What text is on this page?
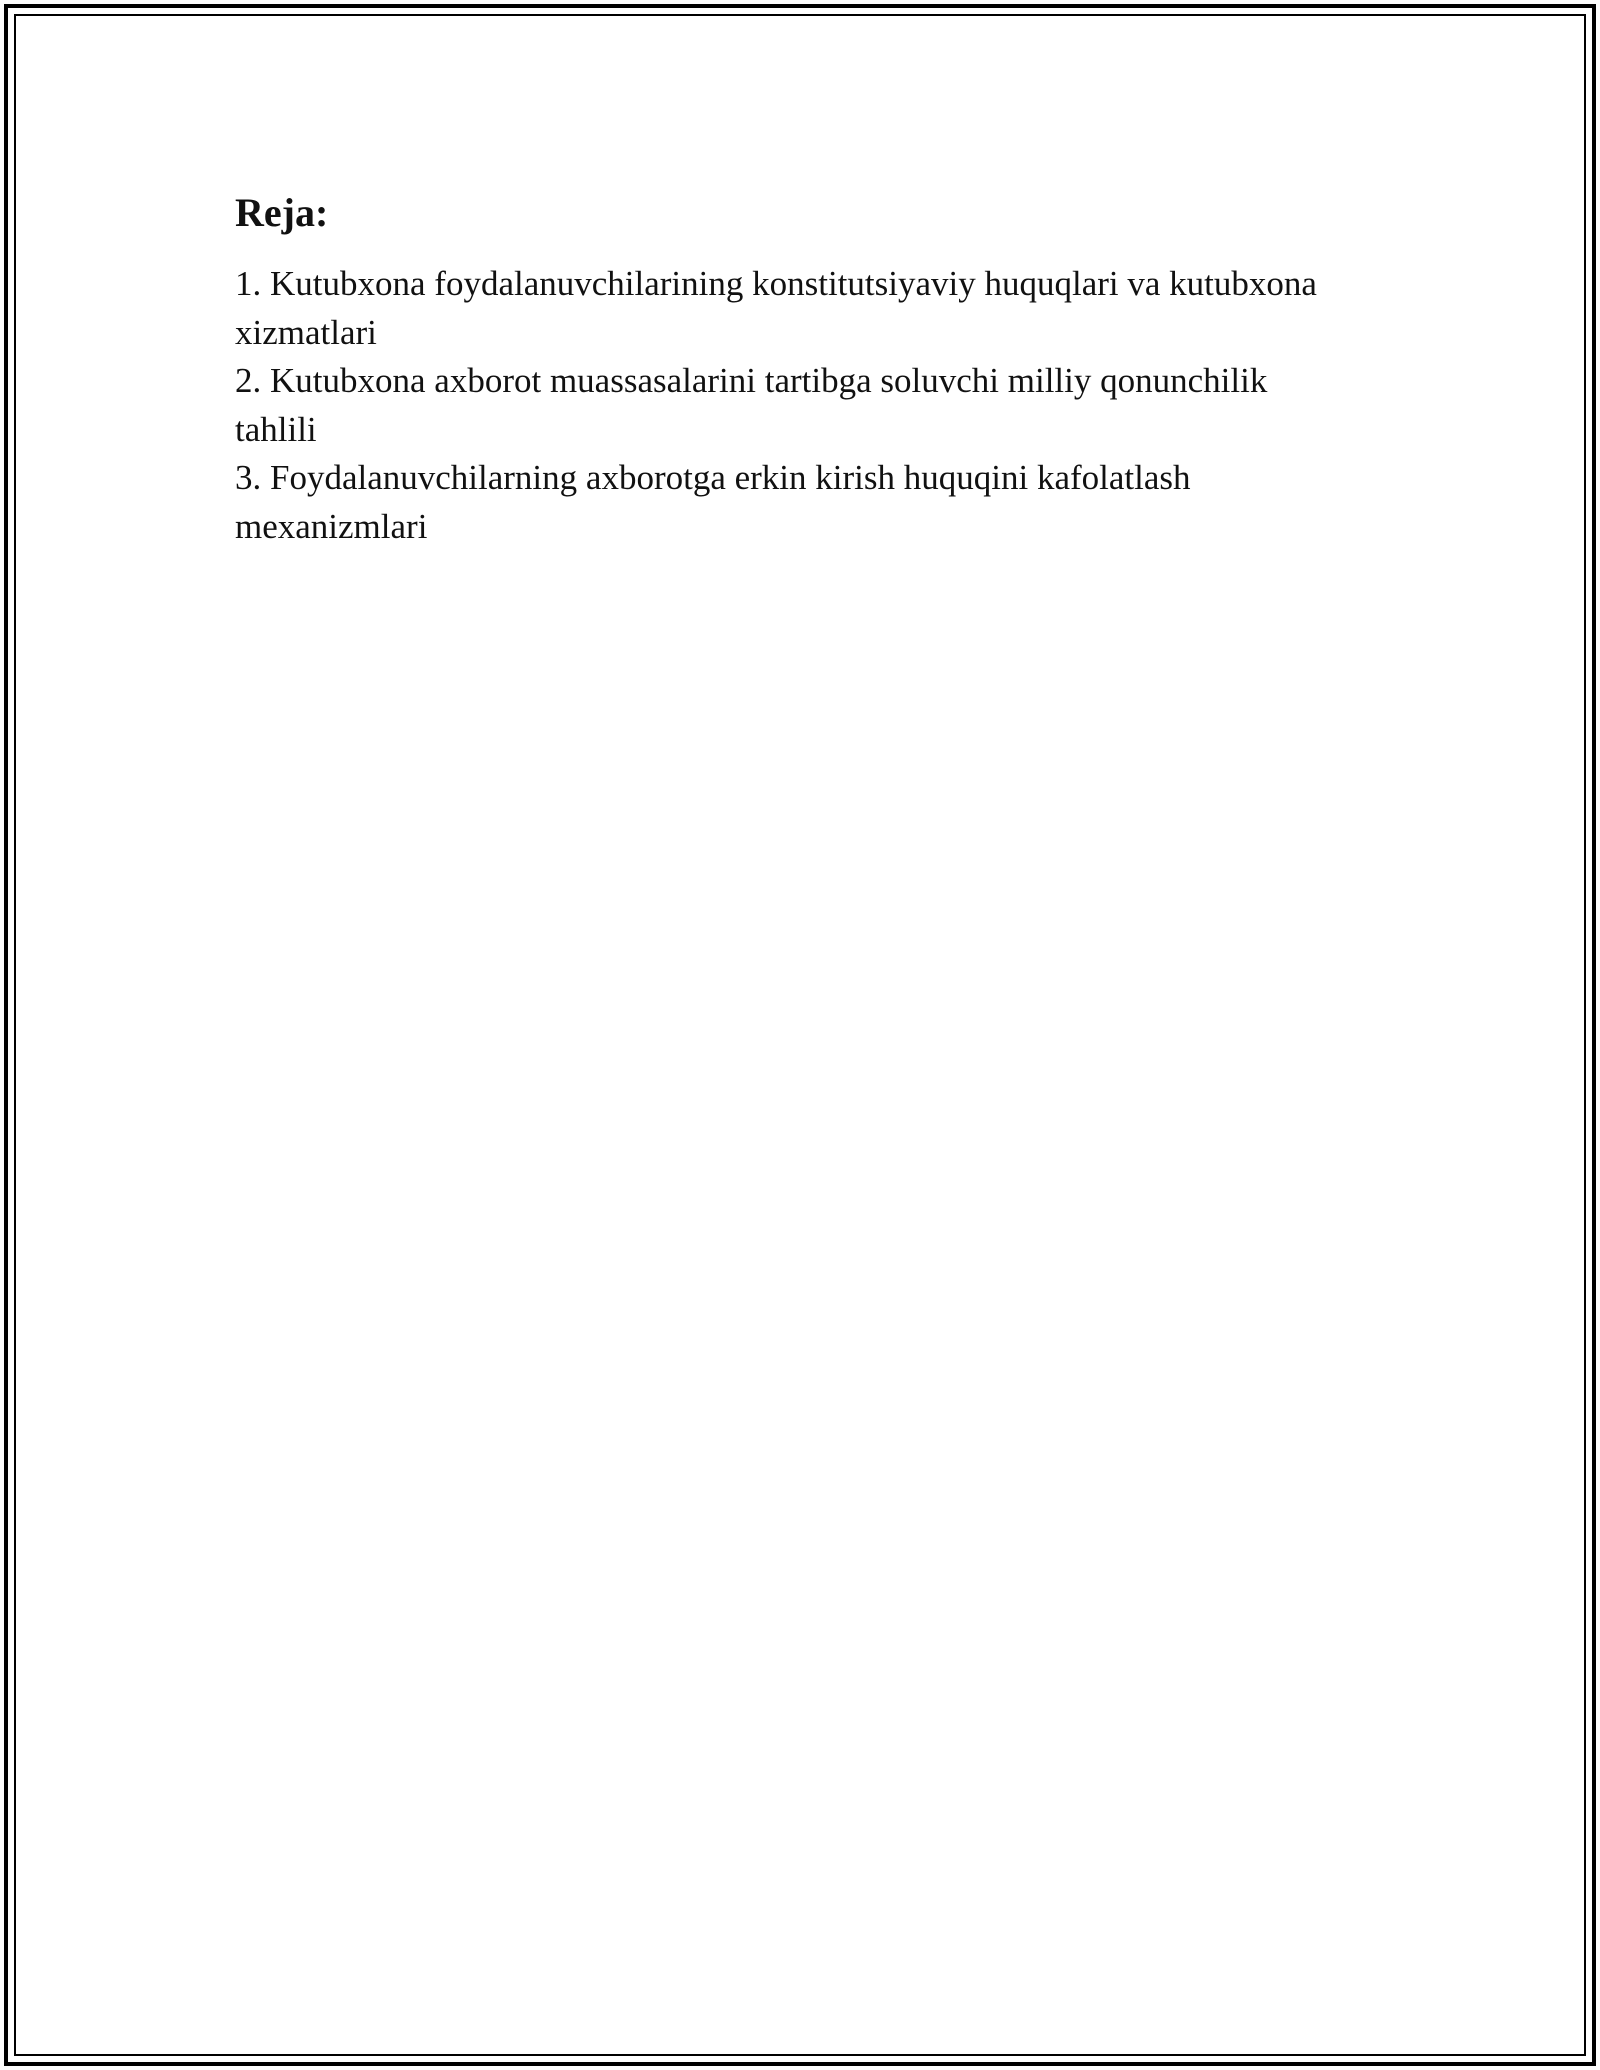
Reja:
1. Kutubxona foydalanuvchilarining konstitutsiyaviy huquqlari va kutubxona xizmatlari
2. Kutubxona axborot muassasalarini tartibga soluvchi milliy qonunchilik tahlili
3. Foydalanuvchilarning axborotga erkin kirish huquqini kafolatlash mexanizmlari
